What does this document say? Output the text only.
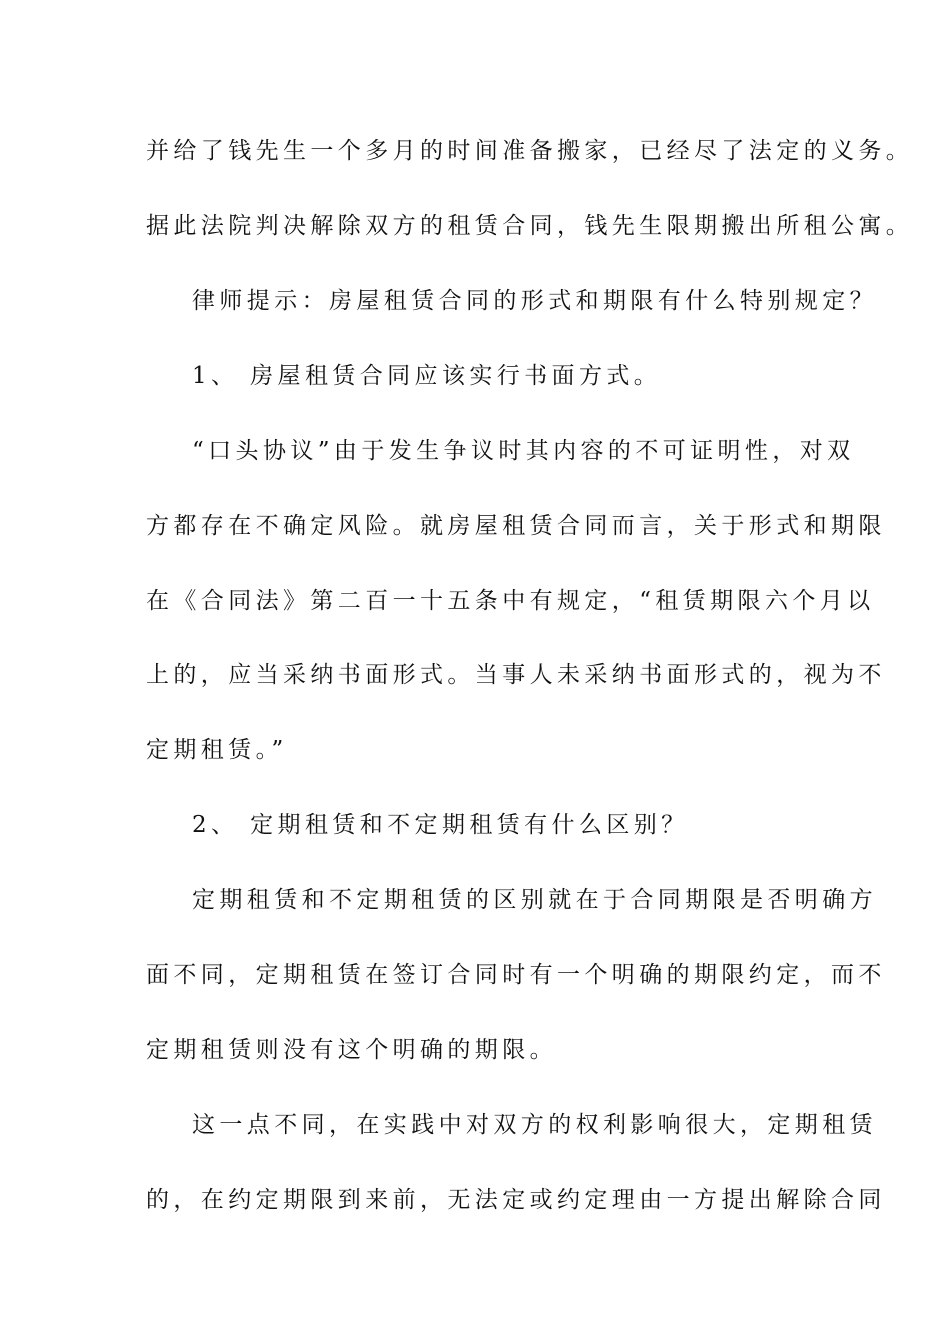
并给了钱先生一个多月的时间准备搬家，已经尽了法定的义务。
据此法院判决解除双方的租赁合同，钱先生限期搬出所租公寓。
律师提示：房屋租赁合同的形式和期限有什么特别规定？
1、 房屋租赁合同应该实行书面方式。
“口头协议”由于发生争议时其内容的不可证明性，对双
方都存在不确定风险。就房屋租赁合同而言，关于形式和期限
在《合同法》第二百一十五条中有规定，“租赁期限六个月以
上的，应当采纳书面形式。当事人未采纳书面形式的，视为不
定期租赁。”
2、 定期租赁和不定期租赁有什么区别？
定期租赁和不定期租赁的区别就在于合同期限是否明确方
面不同，定期租赁在签订合同时有一个明确的期限约定，而不
定期租赁则没有这个明确的期限。
这一点不同，在实践中对双方的权利影响很大，定期租赁
的，在约定期限到来前，无法定或约定理由一方提出解除合同
